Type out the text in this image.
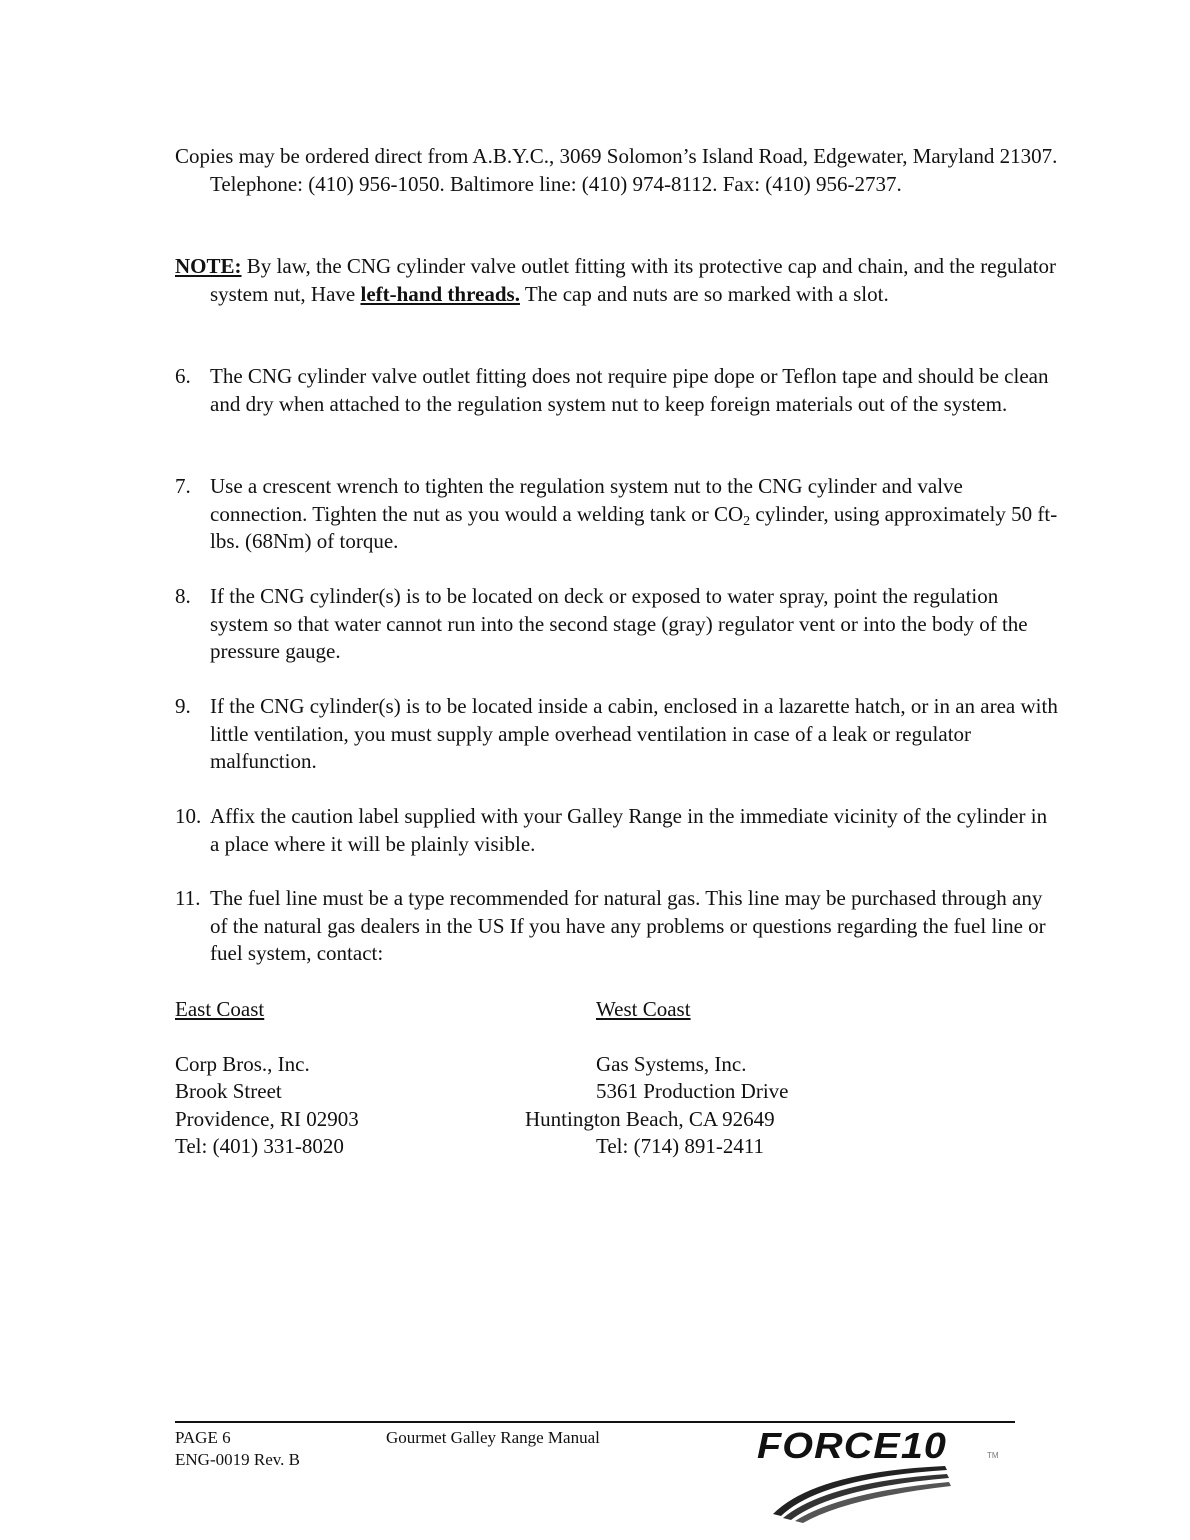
Copies may be ordered direct from A.B.Y.C., 3069 Solomon’s Island Road, Edgewater, Maryland 21307. Telephone: (410) 956-1050. Baltimore line: (410) 974-8112. Fax: (410) 956-2737.
NOTE: By law, the CNG cylinder valve outlet fitting with its protective cap and chain, and the regulator system nut, Have left-hand threads. The cap and nuts are so marked with a slot.
6. The CNG cylinder valve outlet fitting does not require pipe dope or Teflon tape and should be clean and dry when attached to the regulation system nut to keep foreign materials out of the system.
7. Use a crescent wrench to tighten the regulation system nut to the CNG cylinder and valve connection. Tighten the nut as you would a welding tank or $CO_2$ cylinder, using approximately 50 ft-lbs. (68Nm) of torque.
8. If the CNG cylinder(s) is to be located on deck or exposed to water spray, point the regulation system so that water cannot run into the second stage (gray) regulator vent or into the body of the pressure gauge.
9. If the CNG cylinder(s) is to be located inside a cabin, enclosed in a lazarette hatch, or in an area with little ventilation, you must supply ample overhead ventilation in case of a leak or regulator malfunction.
10. Affix the caution label supplied with your Galley Range in the immediate vicinity of the cylinder in a place where it will be plainly visible.
11. The fuel line must be a type recommended for natural gas. This line may be purchased through any of the natural gas dealers in the US If you have any problems or questions regarding the fuel line or fuel system, contact:
East Coast
Corp Bros., Inc.
Brook Street
Providence, RI 02903
Tel: (401) 331-8020
West Coast
Gas Systems, Inc.
5361 Production Drive
Huntington Beach, CA 92649
Tel: (714) 891-2411
PAGE 6
ENG-0019 Rev. B
Gourmet Galley Range Manual	FORCE10	TM
